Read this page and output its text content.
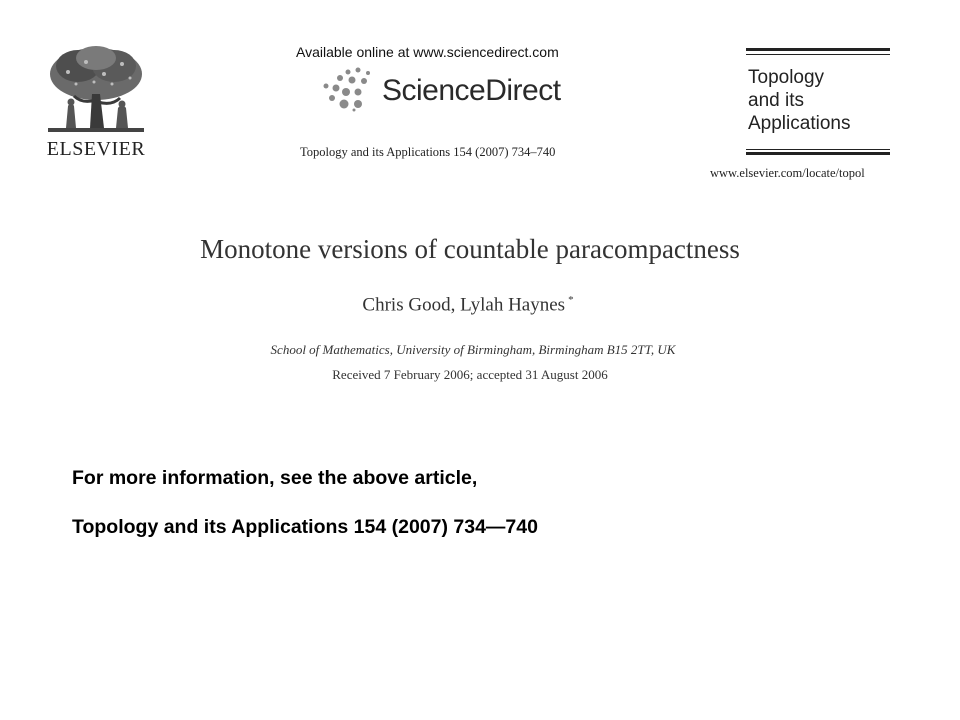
ELSEVIER
Available online at www.sciencedirect.com
ScienceDirect
Topology and its Applications 154 (2007) 734–740
Topology
and its
Applications
www.elsevier.com/locate/topol
Monotone versions of countable paracompactness
Chris Good, Lylah Haynes *
School of Mathematics, University of Birmingham, Birmingham B15 2TT, UK
Received 7 February 2006; accepted 31 August 2006
For more information, see the above article,
Topology and its Applications 154 (2007) 734—740
